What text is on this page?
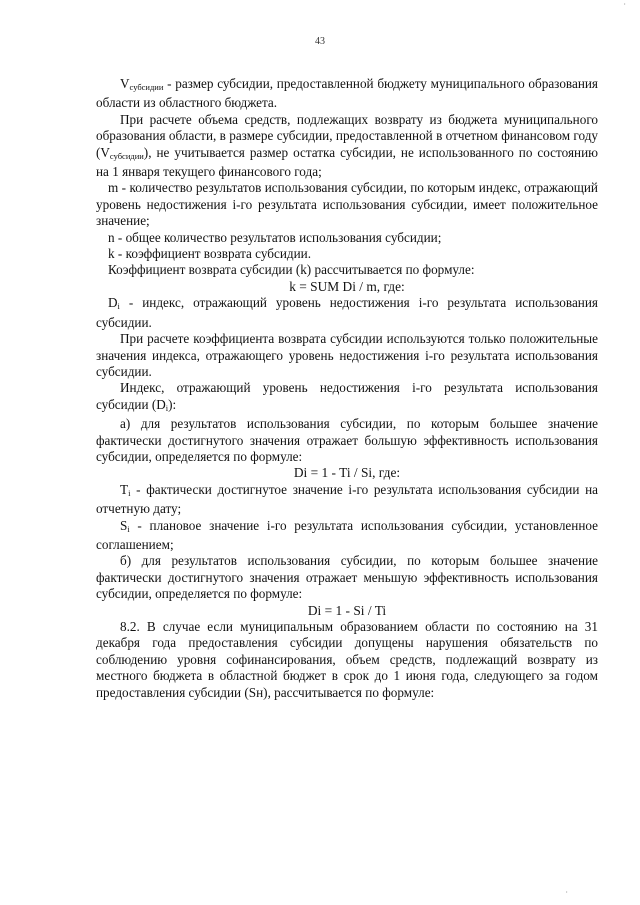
·
43

$V_{субсидии}$ - размер субсидии, предоставленной бюджету муниципального образования области из областного бюджета.

При расчете объема средств, подлежащих возврату из бюджета муниципального образования области, в размере субсидии, предоставленной в отчетном финансовом году $(V_{субсидии})$, не учитывается размер остатка субсидии, не использованного по состоянию на 1 января текущего финансового года;

m - количество результатов использования субсидии, по которым индекс, отражающий уровень недостижения i-го результата использования субсидии, имеет положительное значение;

n - общее количество результатов использования субсидии;

k - коэффициент возврата субсидии.

Коэффициент возврата субсидии (k) рассчитывается по формуле:

k = SUM Di / m, где:

$D_i$ - индекс, отражающий уровень недостижения i-го результата использования субсидии.

При расчете коэффициента возврата субсидии используются только положительные значения индекса, отражающего уровень недостижения i-го результата использования субсидии.

Индекс, отражающий уровень недостижения i-го результата использования субсидии $(D_i)$:

а) для результатов использования субсидии, по которым большее значение фактически достигнутого значения отражает большую эффективность использования субсидии, определяется по формуле:

Di = 1 - Ti / Si, где:

$T_i$ - фактически достигнутое значение i-го результата использования субсидии на отчетную дату;

$S_i$ - плановое значение i-го результата использования субсидии, установленное соглашением;

б) для результатов использования субсидии, по которым большее значение фактически достигнутого значения отражает меньшую эффективность использования субсидии, определяется по формуле:

Di = 1 - Si / Ti

8.2. В случае если муниципальным образованием области по состоянию на 31 декабря года предоставления субсидии допущены нарушения обязательств по соблюдению уровня софинансирования, объем средств, подлежащий возврату из местного бюджета в областной бюджет в срок до 1 июня года, следующего за годом предоставления субсидии (Sн), рассчитывается по формуле:

·
